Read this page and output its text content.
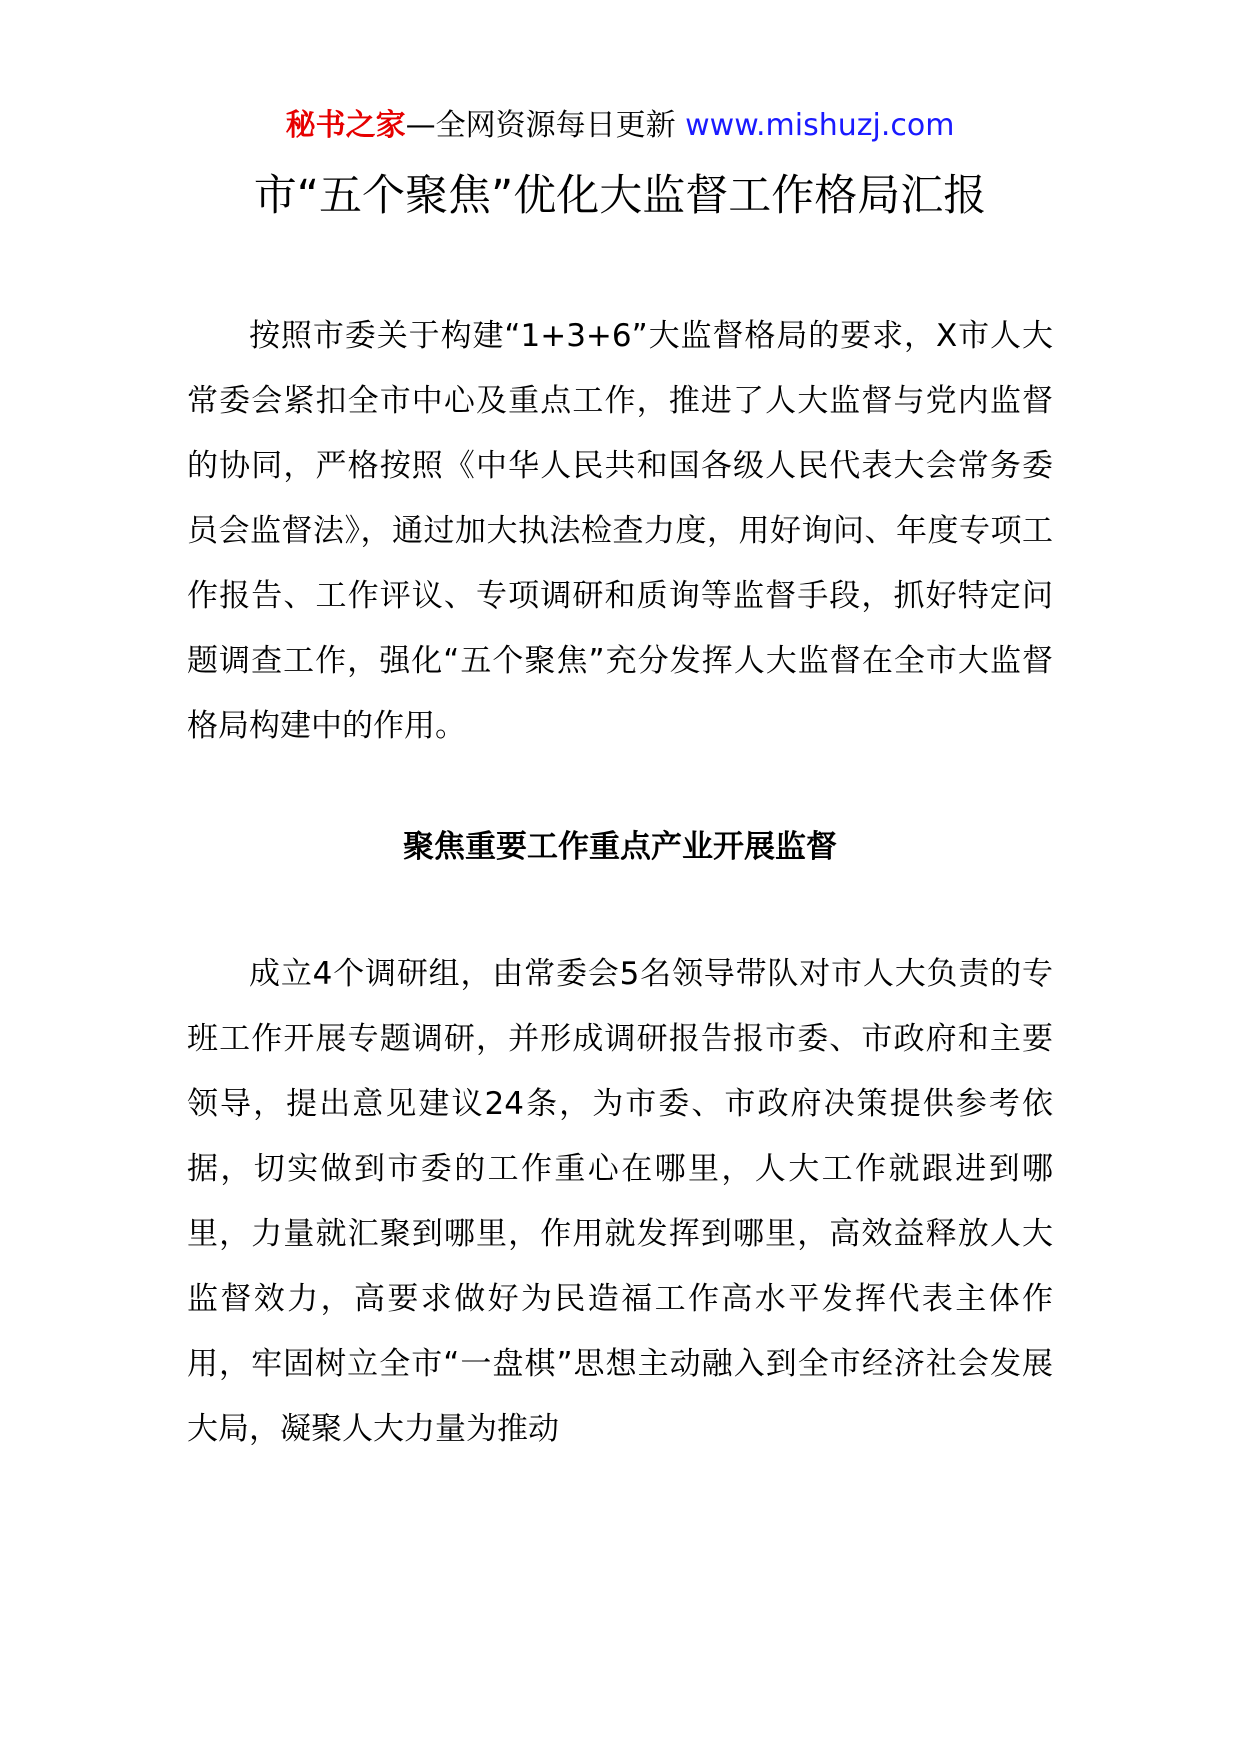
秘书之家—全网资源每日更新 www.mishuzj.com
市“五个聚焦”优化大监督工作格局汇报

按照市委关于构建“1+3+6”大监督格局的要求，X市人大常委会紧扣全市中心及重点工作，推进了人大监督与党内监督的协同，严格按照《中华人民共和国各级人民代表大会常务委员会监督法》，通过加大执法检查力度，用好询问、年度专项工作报告、工作评议、专项调研和质询等监督手段，抓好特定问题调查工作，强化“五个聚焦”充分发挥人大监督在全市大监督格局构建中的作用。

聚焦重要工作重点产业开展监督

成立4个调研组，由常委会5名领导带队对市人大负责的专班工作开展专题调研，并形成调研报告报市委、市政府和主要领导，提出意见建议24条，为市委、市政府决策提供参考依据，切实做到市委的工作重心在哪里，人大工作就跟进到哪里，力量就汇聚到哪里，作用就发挥到哪里，高效益释放人大监督效力，高要求做好为民造福工作高水平发挥代表主体作用，牢固树立全市“一盘棋”思想主动融入到全市经济社会发展大局，凝聚人大力量为推动
